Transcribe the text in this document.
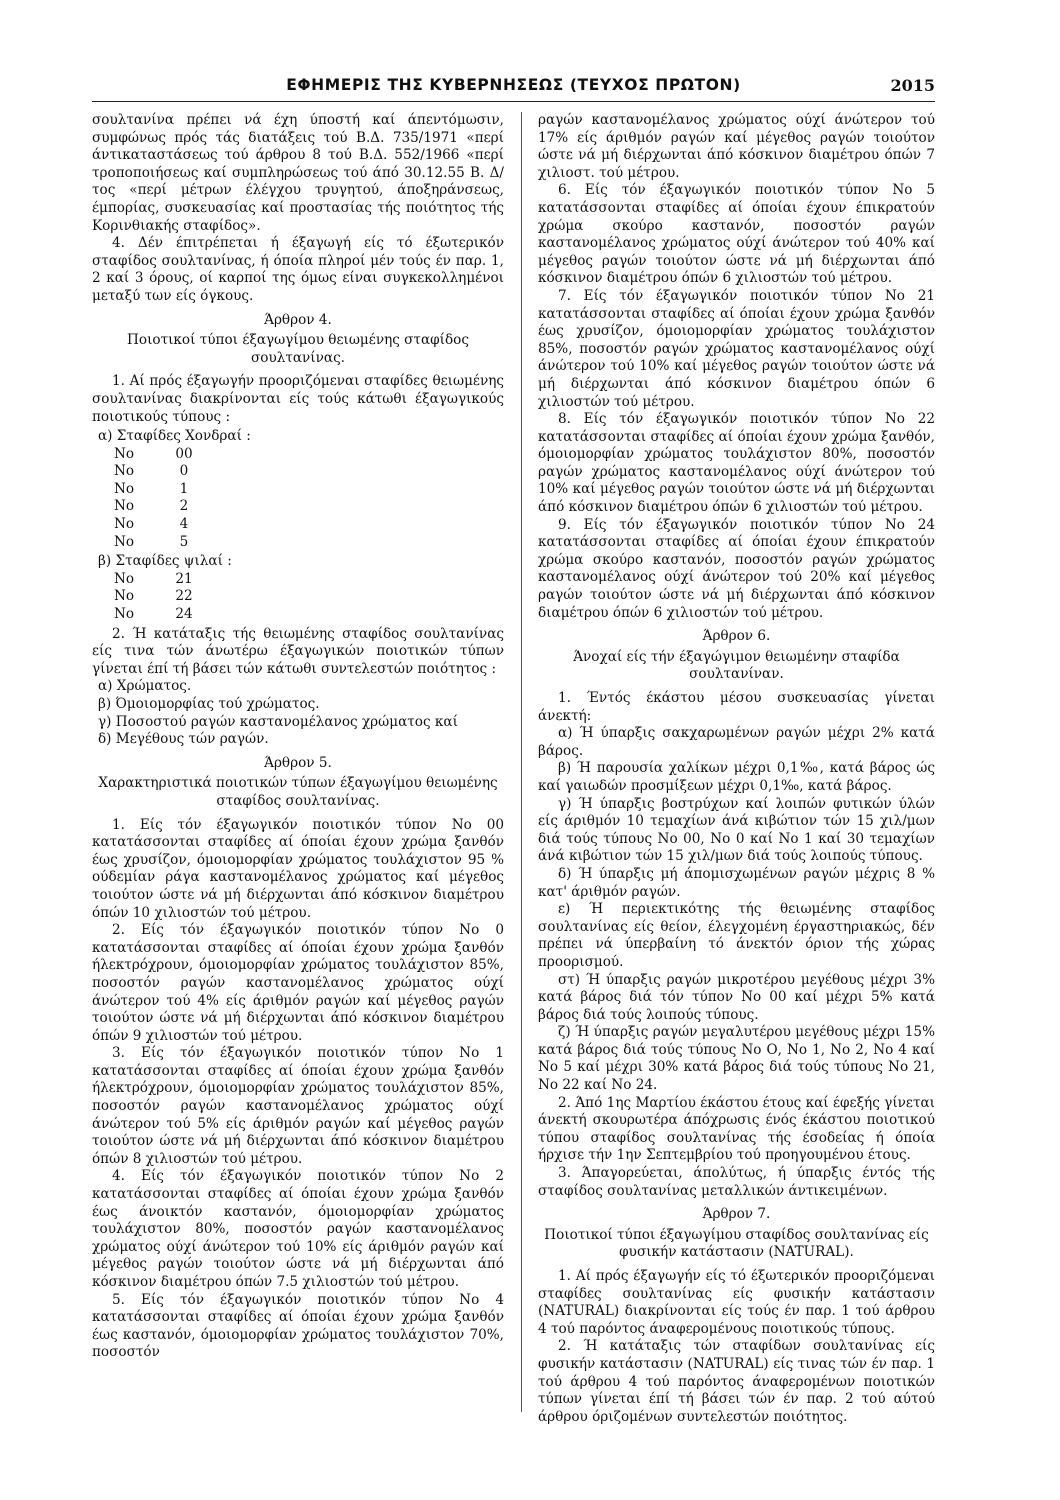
ΕΦΗΜΕΡΙΣ ΤΗΣ ΚΥΒΕΡΝΗΣΕΩΣ (ΤΕΥΧΟΣ ΠΡΩΤΟΝ)	2015

σουλτανίνα πρέπει νά έχη ύποστή καί άπεντόμωσιν, συμφώνως πρός τάς διατάξεις τού Β.Δ. 735/1971 «περί άντικαταστάσεως τού άρθρου 8 τού Β.Δ. 552/1966 «περί τροποποιήσεως καί συμπληρώσεως τού άπό 30.12.55 Β. Δ/τος «περί μέτρων έλέγχου τρυγητού, άποξηράνσεως, έμπορίας, συσκευασίας καί προστασίας τής ποιότητος τής Κορινθιακής σταφίδος».

4. Δέν έπιτρέπεται ή έξαγωγή είς τό έξωτερικόν σταφίδος σουλτανίνας, ή όποία πληροί μέν τούς έν παρ. 1, 2 καί 3 όρους, οί καρποί της όμως είναι συγκεκολλημένοι μεταξύ των είς όγκους.

Άρθρον 4.

Ποιοτικοί τύποι έξαγωγίμου θειωμένης σταφίδος σουλτανίνας.

1. Αί πρός έξαγωγήν προοριζόμεναι σταφίδες θειωμένης σουλτανίνας διακρίνονται είς τούς κάτωθι έξαγωγικούς ποιοτικούς τύπους :

α) Σταφίδες Χονδραί :

No	00
No	0
No	1
No	2
No	4
No	5

β) Σταφίδες ψιλαί :

No	21
No	22
No	24

2. Ή κατάταξις τής θειωμένης σταφίδος σουλτανίνας είς τινα τών άνωτέρω έξαγωγικών ποιοτικών τύπων γίνεται έπί τή βάσει τών κάτωθι συντελεστών ποιότητος :

α) Χρώματος.

β) Όμοιομορφίας τού χρώματος.

γ) Ποσοστού ραγών καστανομέλανος χρώματος καί

δ) Μεγέθους τών ραγών.

Άρθρον 5.

Χαρακτηριστικά ποιοτικών τύπων έξαγωγίμου θειωμένης σταφίδος σουλτανίνας.

1. Είς τόν έξαγωγικόν ποιοτικόν τύπον Νο 00 κατατάσσονται σταφίδες αί όποίαι έχουν χρώμα ξανθόν έως χρυσίζον, όμοιομορφίαν χρώματος τουλάχιστον 95 % ούδεμίαν ράγα καστανομέλανος χρώματος καί μέγεθος τοιούτον ώστε νά μή διέρχωνται άπό κόσκινον διαμέτρου όπών 10 χιλιοστών τού μέτρου.

2. Είς τόν έξαγωγικόν ποιοτικόν τύπον Νο 0 κατατάσσονται σταφίδες αί όποίαι έχουν χρώμα ξανθόν ήλεκτρόχρουν, όμοιομορφίαν χρώματος τουλάχιστον 85%, ποσοστόν ραγών καστανομέλανος χρώματος ούχί άνώτερον τού 4% είς άριθμόν ραγών καί μέγεθος ραγών τοιούτον ώστε νά μή διέρχωνται άπό κόσκινον διαμέτρου όπών 9 χιλιοστών τού μέτρου.

3. Είς τόν έξαγωγικόν ποιοτικόν τύπον Νο 1 κατατάσσονται σταφίδες αί όποίαι έχουν χρώμα ξανθόν ήλεκτρόχρουν, όμοιομορφίαν χρώματος τουλάχιστον 85%, ποσοστόν ραγών καστανομέλανος χρώματος ούχί άνώτερον τού 5% είς άριθμόν ραγών καί μέγεθος ραγών τοιούτον ώστε νά μή διέρχωνται άπό κόσκινον διαμέτρου όπών 8 χιλιοστών τού μέτρου.

4. Είς τόν έξαγωγικόν ποιοτικόν τύπον Νο 2 κατατάσσονται σταφίδες αί όποίαι έχουν χρώμα ξανθόν έως άνοικτόν καστανόν, όμοιομορφίαν χρώματος τουλάχιστον 80%, ποσοστόν ραγών καστανομέλανος χρώματος ούχί άνώτερον τού 10% είς άριθμόν ραγών καί μέγεθος ραγών τοιούτον ώστε νά μή διέρχωνται άπό κόσκινον διαμέτρου όπών 7.5 χιλιοστών τού μέτρου.

5. Είς τόν έξαγωγικόν ποιοτικόν τύπον Νο 4 κατατάσσονται σταφίδες αί όποίαι έχουν χρώμα ξανθόν έως καστανόν, όμοιομορφίαν χρώματος τουλάχιστον 70%, ποσοστόν

ραγών καστανομέλανος χρώματος ούχί άνώτερον τού 17% είς άριθμόν ραγών καί μέγεθος ραγών τοιούτον ώστε νά μή διέρχωνται άπό κόσκινον διαμέτρου όπών 7 χιλιοστ. τού μέτρου.

6. Είς τόν έξαγωγικόν ποιοτικόν τύπον Νο 5 κατατάσσονται σταφίδες αί όποίαι έχουν έπικρατούν χρώμα σκούρο καστανόν, ποσοστόν ραγών καστανομέλανος χρώματος ούχί άνώτερον τού 40% καί μέγεθος ραγών τοιούτον ώστε νά μή διέρχωνται άπό κόσκινον διαμέτρου όπών 6 χιλιοστών τού μέτρου.

7. Είς τόν έξαγωγικόν ποιοτικόν τύπον Νο 21 κατατάσσονται σταφίδες αί όποίαι έχουν χρώμα ξανθόν έως χρυσίζον, όμοιομορφίαν χρώματος τουλάχιστον 85%, ποσοστόν ραγών χρώματος καστανομέλανος ούχί άνώτερον τού 10% καί μέγεθος ραγών τοιούτον ώστε νά μή διέρχωνται άπό κόσκινον διαμέτρου όπών 6 χιλιοστών τού μέτρου.

8. Είς τόν έξαγωγικόν ποιοτικόν τύπον Νο 22 κατατάσσονται σταφίδες αί όποίαι έχουν χρώμα ξανθόν, όμοιομορφίαν χρώματος τουλάχιστον 80%, ποσοστόν ραγών χρώματος καστανομέλανος ούχί άνώτερον τού 10% καί μέγεθος ραγών τοιούτον ώστε νά μή διέρχωνται άπό κόσκινον διαμέτρου όπών 6 χιλιοστών τού μέτρου.

9. Είς τόν έξαγωγικόν ποιοτικόν τύπον Νο 24 κατατάσσονται σταφίδες αί όποίαι έχουν έπικρατούν χρώμα σκούρο καστανόν, ποσοστόν ραγών χρώματος καστανομέλανος ούχί άνώτερον τού 20% καί μέγεθος ραγών τοιούτον ώστε νά μή διέρχωνται άπό κόσκινον διαμέτρου όπών 6 χιλιοστών τού μέτρου.

Άρθρον 6.

Άνοχαί είς τήν έξαγώγιμον θειωμένην σταφίδα σουλτανίναν.

1. Έντός έκάστου μέσου συσκευασίας γίνεται άνεκτή:

α) Ή ύπαρξις σακχαρωμένων ραγών μέχρι 2% κατά βάρος.

β) Ή παρουσία χαλίκων μέχρι 0,1‰, κατά βάρος ώς καί γαιωδών προσμίξεων μέχρι 0,1‰, κατά βάρος.

γ) Ή ύπαρξις βοστρύχων καί λοιπών φυτικών ύλών είς άριθμόν 10 τεμαχίων άνά κιβώτιον τών 15 χιλ/μων διά τούς τύπους Νο 00, Νο 0 καί Νο 1 καί 30 τεμαχίων άνά κιβώτιον τών 15 χιλ/μων διά τούς λοιπούς τύπους.

δ) Ή ύπαρξις μή άπομισχωμένων ραγών μέχρις 8 % κατ' άριθμόν ραγών.

ε) Ή περιεκτικότης τής θειωμένης σταφίδος σουλτανίνας είς θείον, έλεγχομένη έργαστηριακώς, δέν πρέπει νά ύπερβαίνη τό άνεκτόν όριον τής χώρας προορισμού.

στ) Ή ύπαρξις ραγών μικροτέρου μεγέθους μέχρι 3% κατά βάρος διά τόν τύπον Νο 00 καί μέχρι 5% κατά βάρος διά τούς λοιπούς τύπους.

ζ) Ή ύπαρξις ραγών μεγαλυτέρου μεγέθους μέχρι 15% κατά βάρος διά τούς τύπους Νο Ο, Νο 1, Νο 2, Νο 4 καί Νο 5 καί μέχρι 30% κατά βάρος διά τούς τύπους Νο 21, Νο 22 καί Νο 24.

2. Άπό 1ης Μαρτίου έκάστου έτους καί έφεξής γίνεται άνεκτή σκουρωτέρα άπόχρωσις ένός έκάστου ποιοτικού τύπου σταφίδος σουλτανίνας τής έσοδείας ή όποία ήρχισε τήν 1ην Σεπτεμβρίου τού προηγουμένου έτους.

3. Άπαγορεύεται, άπολύτως, ή ύπαρξις έντός τής σταφίδος σουλτανίνας μεταλλικών άντικειμένων.

Άρθρον 7.

Ποιοτικοί τύποι έξαγωγίμου σταφίδος σουλτανίνας είς φυσικήν κατάστασιν (NATURAL).

1. Αί πρός έξαγωγήν είς τό έξωτερικόν προοριζόμεναι σταφίδες σουλτανίνας είς φυσικήν κατάστασιν (NATURAL) διακρίνονται είς τούς έν παρ. 1 τού άρθρου 4 τού παρόντος άναφερομένους ποιοτικούς τύπους.

2. Ή κατάταξις τών σταφίδων σουλτανίνας είς φυσικήν κατάστασιν (NATURAL) είς τινας τών έν παρ. 1 τού άρθρου 4 τού παρόντος άναφερομένων ποιοτικών τύπων γίνεται έπί τή βάσει τών έν παρ. 2 τού αύτού άρθρου όριζομένων συντελεστών ποιότητος.
